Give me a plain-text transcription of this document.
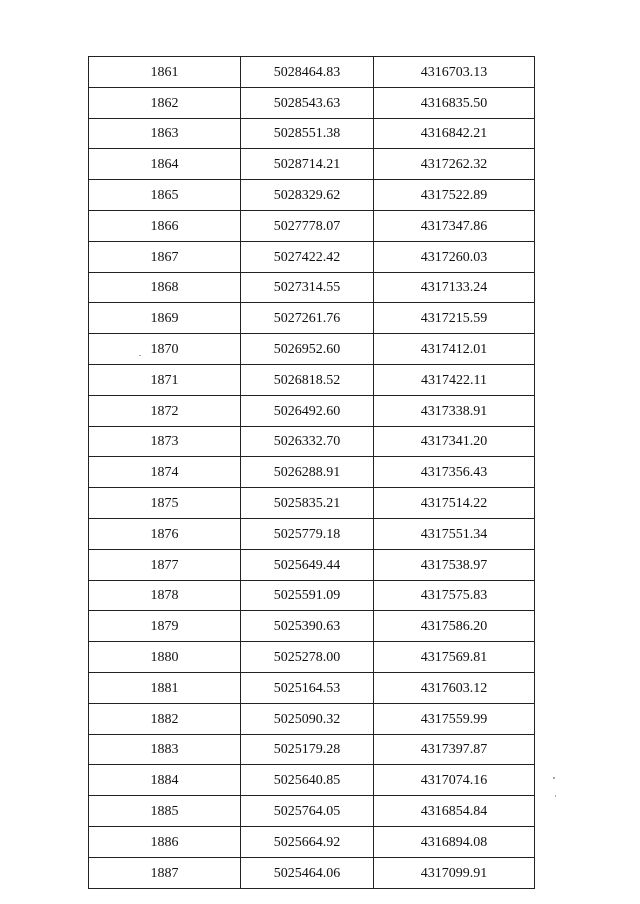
1861	5028464.83	4316703.13
1862	5028543.63	4316835.50
1863	5028551.38	4316842.21
1864	5028714.21	4317262.32
1865	5028329.62	4317522.89
1866	5027778.07	4317347.86
1867	5027422.42	4317260.03
1868	5027314.55	4317133.24
1869	5027261.76	4317215.59
1870	5026952.60	4317412.01
1871	5026818.52	4317422.11
1872	5026492.60	4317338.91
1873	5026332.70	4317341.20
1874	5026288.91	4317356.43
1875	5025835.21	4317514.22
1876	5025779.18	4317551.34
1877	5025649.44	4317538.97
1878	5025591.09	4317575.83
1879	5025390.63	4317586.20
1880	5025278.00	4317569.81
1881	5025164.53	4317603.12
1882	5025090.32	4317559.99
1883	5025179.28	4317397.87
1884	5025640.85	4317074.16
1885	5025764.05	4316854.84
1886	5025664.92	4316894.08
1887	5025464.06	4317099.91
